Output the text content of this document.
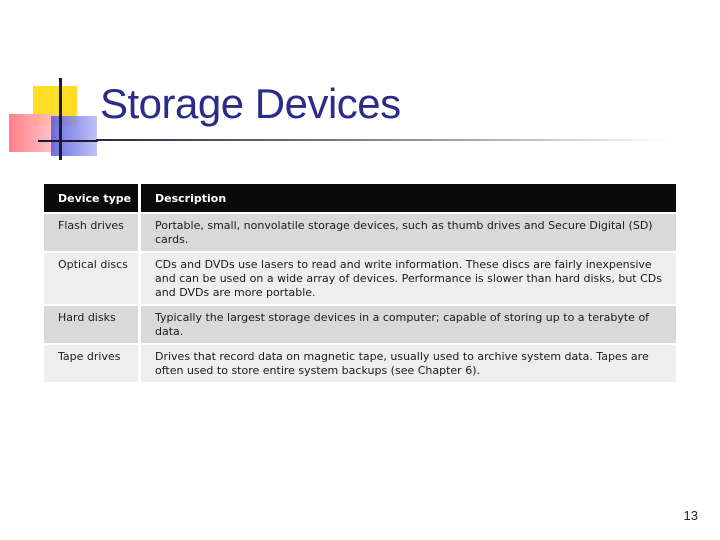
Storage Devices
Device type	Description
Flash drives	Portable, small, nonvolatile storage devices, such as thumb drives and Secure Digital (SD) cards.
Optical discs	CDs and DVDs use lasers to read and write information. These discs are fairly inexpensive and can be used on a wide array of devices. Performance is slower than hard disks, but CDs and DVDs are more portable.
Hard disks	Typically the largest storage devices in a computer; capable of storing up to a terabyte of data.
Tape drives	Drives that record data on magnetic tape, usually used to archive system data. Tapes are often used to store entire system backups (see Chapter 6).
13
